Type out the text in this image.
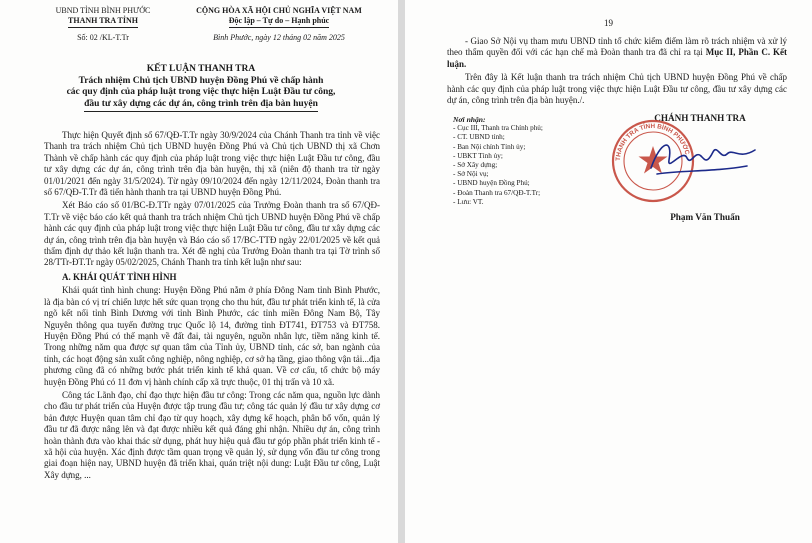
UBND TỈNH BÌNH PHƯỚC
THANH TRA TỈNH
Số: 02 /KL-T.Tr
CỘNG HÒA XÃ HỘI CHỦ NGHĨA VIỆT NAM
Độc lập – Tự do – Hạnh phúc
Bình Phước, ngày 12 tháng 02 năm 2025
KẾT LUẬN THANH TRA
Trách nhiệm Chủ tịch UBND huyện Đồng Phú về chấp hành
các quy định của pháp luật trong việc thực hiện Luật Đầu tư công,
đầu tư xây dựng các dự án, công trình trên địa bàn huyện

Thực hiện Quyết định số 67/QĐ-T.Tr ngày 30/9/2024 của Chánh Thanh tra tỉnh về việc Thanh tra trách nhiệm Chủ tịch UBND huyện Đồng Phú và Chủ tịch UBND thị xã Chơn Thành về chấp hành các quy định của pháp luật trong việc thực hiện Luật Đầu tư công, đầu tư xây dựng các dự án, công trình trên địa bàn huyện, thị xã (niên độ thanh tra từ ngày 01/01/2021 đến ngày 31/5/2024). Từ ngày 09/10/2024 đến ngày 12/11/2024, Đoàn thanh tra số 67/QĐ-T.Tr đã tiến hành thanh tra tại UBND huyện Đồng Phú.

Xét Báo cáo số 01/BC-Đ.TTr ngày 07/01/2025 của Trưởng Đoàn thanh tra số 67/QĐ-T.Tr về việc báo cáo kết quả thanh tra trách nhiệm Chủ tịch UBND huyện Đồng Phú về chấp hành các quy định của pháp luật trong việc thực hiện Luật Đầu tư công, đầu tư xây dựng các dự án, công trình trên địa bàn huyện và Báo cáo số 17/BC-TTĐ ngày 22/01/2025 về kết quả thẩm định dự thảo kết luận thanh tra. Xét đề nghị của Trưởng Đoàn thanh tra tại Tờ trình số 28/TTr-ĐT.Tr ngày 05/02/2025, Chánh Thanh tra tỉnh kết luận như sau:

A. KHÁI QUÁT TÌNH HÌNH

Khái quát tình hình chung: Huyện Đồng Phú nằm ở phía Đông Nam tỉnh Bình Phước, là địa bàn có vị trí chiến lược hết sức quan trọng cho thu hút, đầu tư phát triển kinh tế, là cửa ngõ kết nối tỉnh Bình Dương với tỉnh Bình Phước, các tỉnh miền Đông Nam Bộ, Tây Nguyên thông qua tuyến đường trục Quốc lộ 14, đường tỉnh ĐT741, ĐT753 và ĐT758. Huyện Đồng Phú có thế mạnh về đất đai, tài nguyên, nguồn nhân lực, tiềm năng kinh tế. Trong những năm qua được sự quan tâm của Tỉnh ủy, UBND tỉnh, các sở, ban ngành của tỉnh, các hoạt động sản xuất công nghiệp, nông nghiệp, cơ sở hạ tầng, giao thông vận tải...địa phương cũng đã có những bước phát triển kinh tế khả quan. Về cơ cấu, tổ chức bộ máy huyện Đồng Phú có 11 đơn vị hành chính cấp xã trực thuộc, 01 thị trấn và 10 xã.

Công tác Lãnh đạo, chỉ đạo thực hiện đầu tư công: Trong các năm qua, nguồn lực dành cho đầu tư phát triển của Huyện được tập trung đầu tư; công tác quản lý đầu tư xây dựng cơ bản được Huyện quan tâm chỉ đạo từ quy hoạch, xây dựng kế hoạch, phân bổ vốn, quản lý đầu tư đã được nâng lên và đạt được nhiều kết quả đáng ghi nhận. Nhiều dự án, công trình hoàn thành đưa vào khai thác sử dụng, phát huy hiệu quả đầu tư góp phần phát triển kinh tế - xã hội của huyện. Xác định được tầm quan trọng về quản lý, sử dụng vốn đầu tư công trong giai đoạn hiện nay, UBND huyện đã triển khai, quán triệt nội dung: Luật Đầu tư công, Luật Xây dựng, ...

19

- Giao Sở Nội vụ tham mưu UBND tỉnh tổ chức kiểm điểm làm rõ trách nhiệm và xử lý theo thẩm quyền đối với các hạn chế mà Đoàn thanh tra đã chỉ ra tại Mục II, Phần C. Kết luận.

Trên đây là Kết luận thanh tra trách nhiệm Chủ tịch UBND huyện Đồng Phú về chấp hành các quy định của pháp luật trong việc thực hiện Luật Đầu tư công, đầu tư xây dựng các dự án, công trình trên địa bàn huyện./.

Nơi nhận:
- Cục III, Thanh tra Chính phủ;
- CT. UBND tỉnh;
- Ban Nội chính Tỉnh ủy;
- UBKT Tỉnh ủy;
- Sở Xây dựng;
- Sở Nội vụ;
- UBND huyện Đồng Phú;
- Đoàn Thanh tra 67/QĐ-T.Tr;
- Lưu: VT.
CHÁNH THANH TRA
THANH TRA TỈNH BÌNH PHƯỚC
Phạm Văn Thuấn
